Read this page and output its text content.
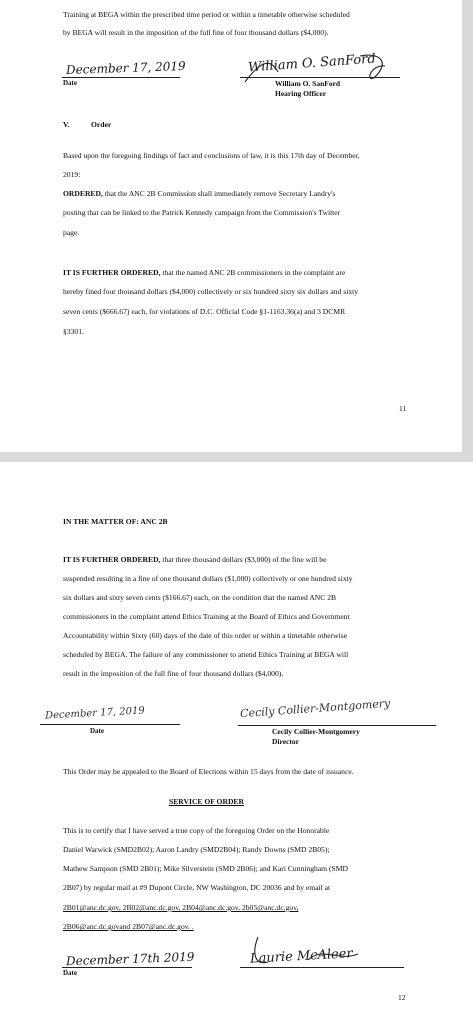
Training at BEGA within the prescribed time period or within a timetable otherwise scheduled
by BEGA will result in the imposition of the full fine of four thousand dollars ($4,000).
December 17, 2019
Date
William O. SanFord
William O. SanFord
Hearing Officer
V.	Order
Based upon the foregoing findings of fact and conclusions of law, it is this 17th day of December,
2019:
ORDERED, that the ANC 2B Commission shall immediately remove Secretary Landry's
posting that can be linked to the Patrick Kennedy campaign from the Commission's Twitter
page.
IT IS FURTHER ORDERED, that the named ANC 2B commissioners in the complaint are
hereby fined four thousand dollars ($4,000) collectively or six hundred sixty six dollars and sixty
seven cents ($666.67) each, for violations of D.C. Official Code §1-1163.36(a) and 3 DCMR
§3301.
11
IN THE MATTER OF: ANC 2B
IT IS FURTHER ORDERED, that three thousand dollars ($3,000) of the fine will be
suspended resulting in a fine of one thousand dollars ($1,000) collectively or one hundred sixty
six dollars and sixty seven cents ($166.67) each, on the condition that the named ANC 2B
commissioners in the complaint attend Ethics Training at the Board of Ethics and Government
Accountability within Sixty (60) days of the date of this order or within a timetable otherwise
scheduled by BEGA. The failure of any commissioner to attend Ethics Training at BEGA will
result in the imposition of the full fine of four thousand dollars ($4,000).
December 17, 2019
Date
Cecily Collier-Montgomery
Cecily Collier-Montgomery
Director
This Order may be appealed to the Board of Elections within 15 days from the date of issuance.
SERVICE OF ORDER
This is to certify that I have served a true copy of the foregoing Order on the Honorable
Daniel Warwick (SMD2B02); Aaron Landry (SMD2B04); Randy Downs (SMD 2B05);
Mathew Sampson (SMD 2B01); Mike Silverstein (SMD 2B06); and Kari Cunningham (SMD
2B07) by regular mail at #9 Dupont Circle, NW Washington, DC 20036 and by email at
2B01@anc.dc.gov, 2B02@anc.dc.gov, 2B04@anc.dc.gov, 2b05@anc.dc.gov,
2B06@anc.dc.govand 2B07@anc.dc.gov. .
December 17th 2019
Date
Laurie McAleer
12
